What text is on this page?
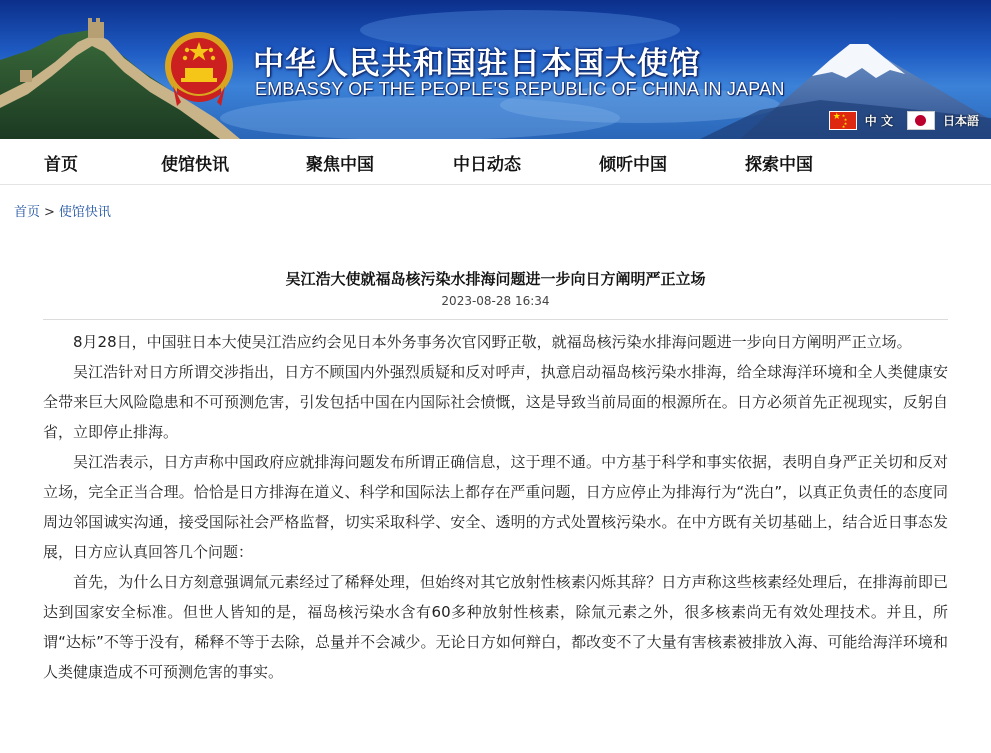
中华人民共和国驻日本国大使馆
EMBASSY OF THE PEOPLE'S REPUBLIC OF CHINA IN JAPAN
★ ★
★
★
★ 中 文	日本語
首页	使馆快讯	聚焦中国	中日动态	倾听中国	探索中国
首页 > 使馆快讯
吴江浩大使就福岛核污染水排海问题进一步向日方阐明严正立场
2023-08-28 16:34

8月28日，中国驻日本大使吴江浩应约会见日本外务事务次官冈野正敬，就福岛核污染水排海问题进一步向日方阐明严正立场。

吴江浩针对日方所谓交涉指出，日方不顾国内外强烈质疑和反对呼声，执意启动福岛核污染水排海，给全球海洋环境和全人类健康安全带来巨大风险隐患和不可预测危害，引发包括中国在内国际社会愤慨，这是导致当前局面的根源所在。日方必须首先正视现实，反躬自省，立即停止排海。

吴江浩表示，日方声称中国政府应就排海问题发布所谓正确信息，这于理不通。中方基于科学和事实依据，表明自身严正关切和反对立场，完全正当合理。恰恰是日方排海在道义、科学和国际法上都存在严重问题，日方应停止为排海行为“洗白”，以真正负责任的态度同周边邻国诚实沟通，接受国际社会严格监督，切实采取科学、安全、透明的方式处置核污染水。在中方既有关切基础上，结合近日事态发展，日方应认真回答几个问题：

首先，为什么日方刻意强调氚元素经过了稀释处理，但始终对其它放射性核素闪烁其辞？日方声称这些核素经处理后，在排海前即已达到国家安全标准。但世人皆知的是，福岛核污染水含有60多种放射性核素，除氚元素之外，很多核素尚无有效处理技术。并且，所谓“达标”不等于没有，稀释不等于去除，总量并不会减少。无论日方如何辩白，都改变不了大量有害核素被排放入海、可能给海洋环境和人类健康造成不可预测危害的事实。
